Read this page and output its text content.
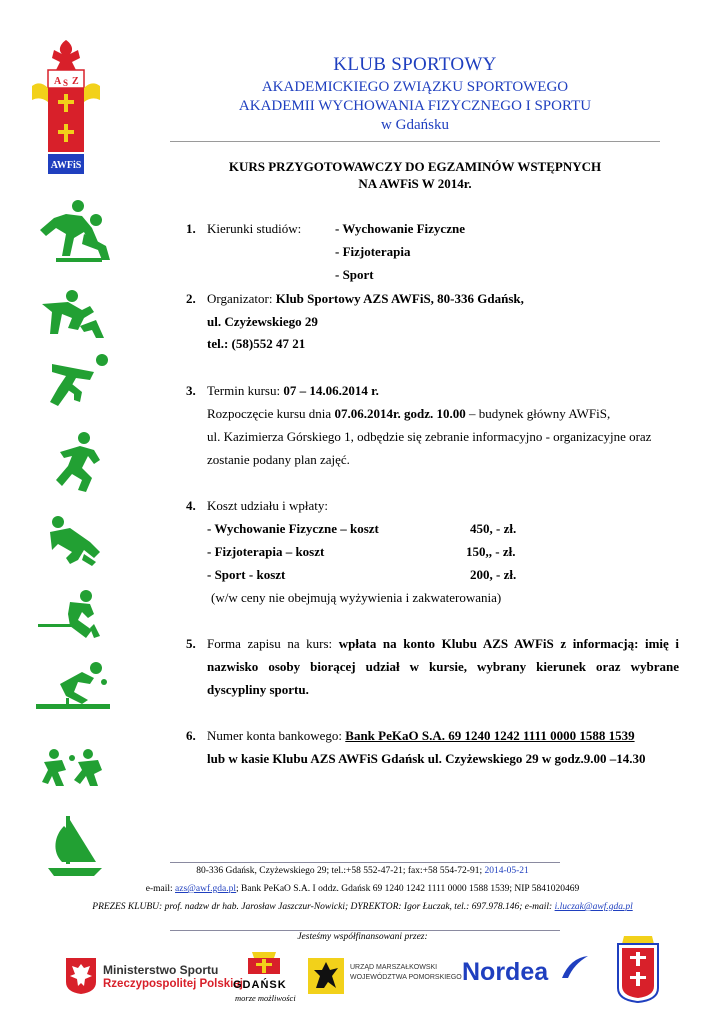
A S Z
AWFiS
KLUB SPORTOWY
AKADEMICKIEGO ZWIĄZKU SPORTOWEGO
AKADEMII WYCHOWANIA FIZYCZNEGO I SPORTU
w Gdańsku
KURS PRZYGOTOWAWCZY DO EGZAMINÓW WSTĘPNYCH
NA AWFiS W 2014r.
1. Kierunki studiów:	- Wychowanie Fizyczne
- Fizjoterapia
- Sport
2. Organizator: Klub Sportowy AZS AWFiS, 80-336 Gdańsk,
ul. Czyżewskiego 29
tel.: (58)552 47 21
3. Termin kursu: 07 – 14.06.2014 r.
Rozpoczęcie kursu dnia 07.06.2014r. godz. 10.00 – budynek główny AWFiS,
ul. Kazimierza Górskiego 1, odbędzie się zebranie informacyjno - organizacyjne oraz
zostanie podany plan zajęć.
4. Koszt udziału i wpłaty:
- Wychowanie Fizyczne – koszt	450, - zł.
- Fizjoterapia – koszt	150,, - zł.
- Sport - koszt	200, - zł.
(w/w ceny nie obejmują wyżywienia i zakwaterowania)
5. Forma zapisu na kurs: wpłata na konto Klubu AZS AWFiS z informacją: imię i
nazwisko osoby biorącej udział w kursie, wybrany kierunek oraz wybrane
dyscypliny sportu.
6. Numer konta bankowego: Bank PeKaO S.A. 69 1240 1242 1111 0000 1588 1539
lub w kasie Klubu AZS AWFiS Gdańsk ul. Czyżewskiego 29 w godz.9.00 –14.30
80-336 Gdańsk, Czyżewskiego 29; tel.:+58 552-47-21; fax:+58 554-72-91; 2014-05-21
e-mail: azs@awf.gda.pl; Bank PeKaO S.A. I oddz. Gdańsk 69 1240 1242 1111 0000 1588 1539; NIP 5841020469
PREZES KLUBU: prof. nadzw dr hab. Jarosław Jaszczur-Nowicki; DYREKTOR: Igor Łuczak, tel.: 697.978.146; e-mail: i.luczak@awf.gda.pl
Jesteśmy współfinansowani przez:
Ministerstwo Sportu
Rzeczypospolitej Polskiej
GDAŃSK
morze możliwości
URZĄD MARSZAŁKOWSKI
WOJEWÓDZTWA POMORSKIEGO Nordea
